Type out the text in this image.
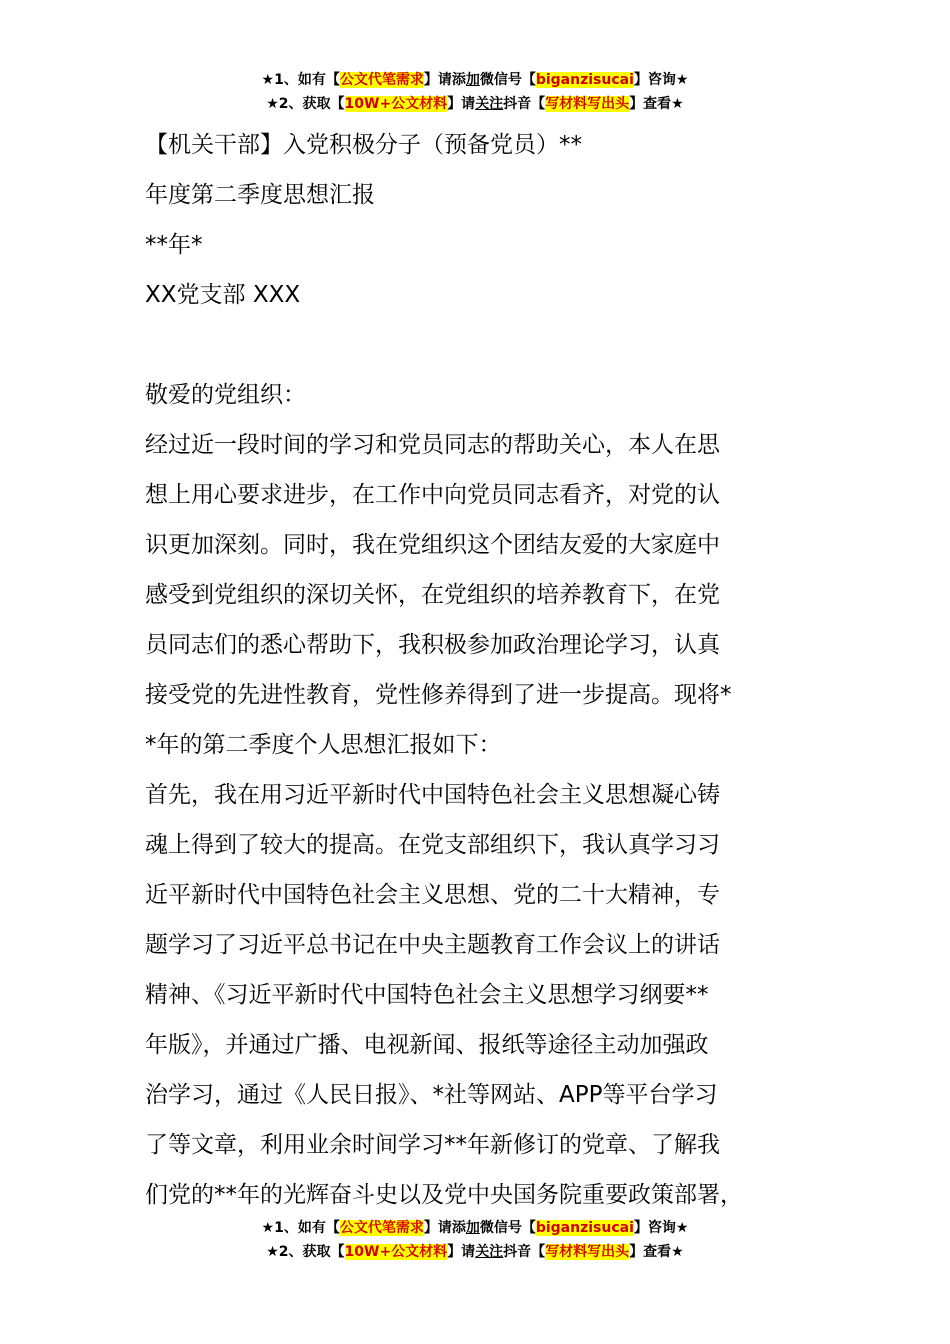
★1、如有【公文代笔需求】请添加微信号【biganzisucai】咨询★
★2、获取【10W+公文材料】请关注抖音【写材料写出头】查看★
【机关干部】入党积极分子（预备党员）**
年度第二季度思想汇报
**年*
XX党支部 XXX
敬爱的党组织：
经过近一段时间的学习和党员同志的帮助关心，本人在思
想上用心要求进步，在工作中向党员同志看齐，对党的认
识更加深刻。同时，我在党组织这个团结友爱的大家庭中
感受到党组织的深切关怀，在党组织的培养教育下，在党
员同志们的悉心帮助下，我积极参加政治理论学习，认真
接受党的先进性教育，党性修养得到了进一步提高。现将*
*年的第二季度个人思想汇报如下：
首先，我在用习近平新时代中国特色社会主义思想凝心铸
魂上得到了较大的提高。在党支部组织下，我认真学习习
近平新时代中国特色社会主义思想、党的二十大精神，专
题学习了习近平总书记在中央主题教育工作会议上的讲话
精神、《习近平新时代中国特色社会主义思想学习纲要**
年版》，并通过广播、电视新闻、报纸等途径主动加强政
治学习，通过《人民日报》、*社等网站、APP等平台学习
了等文章，利用业余时间学习**年新修订的党章、了解我
们党的**年的光辉奋斗史以及党中央国务院重要政策部署，
★1、如有【公文代笔需求】请添加微信号【biganzisucai】咨询★
★2、获取【10W+公文材料】请关注抖音【写材料写出头】查看★
